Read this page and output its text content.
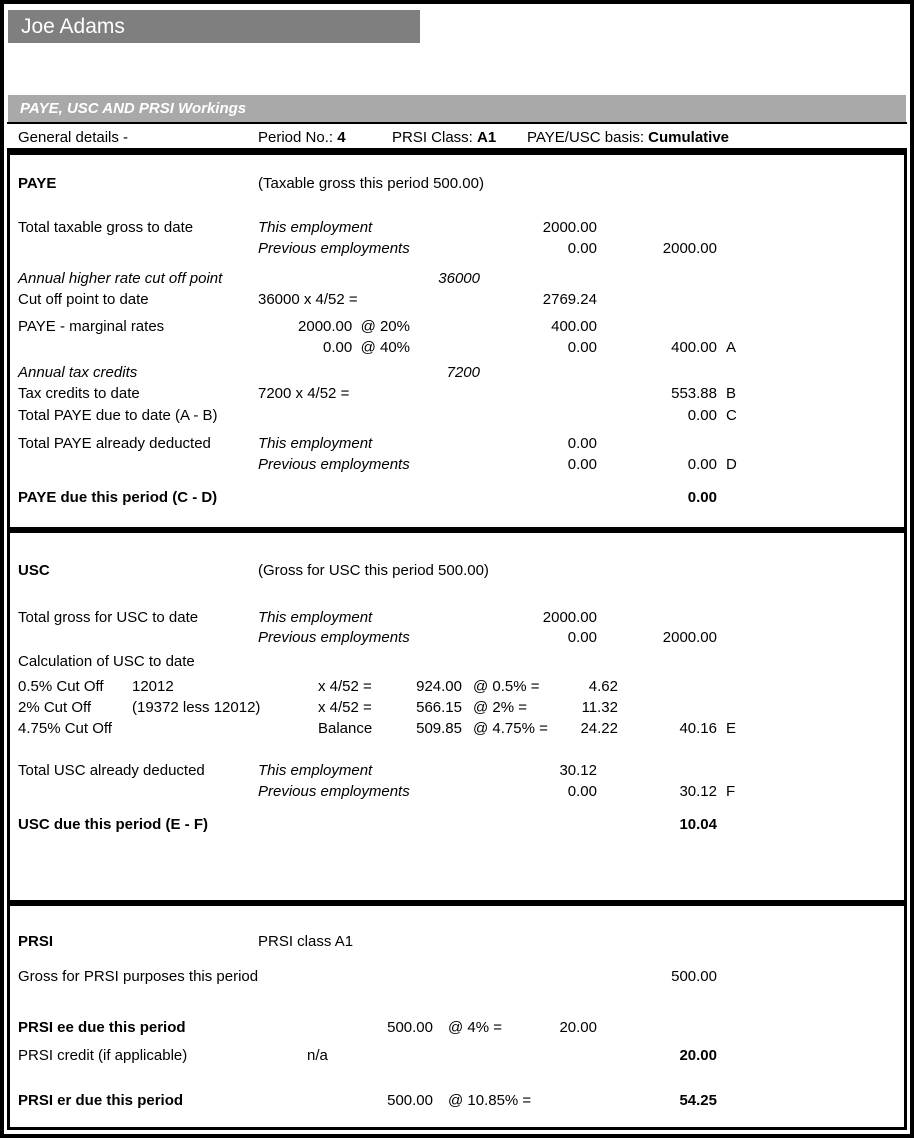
Joe Adams
PAYE, USC AND PRSI Workings
General details -	Period No.: 4	PRSI Class: A1 PAYE/USC basis: Cumulative
PAYE	(Taxable gross this period 500.00)
Total taxable gross to date	This employment	2000.00
Previous employments	0.00	2000.00
Annual higher rate cut off point	36000
Cut off point to date	36000 x 4/52 =	2769.24
PAYE - marginal rates	2000.00  @ 20%	400.00
0.00  @ 40%	0.00	400.00 A
Annual tax credits	7200
Tax credits to date	7200 x 4/52 =	553.88 B
Total PAYE due to date (A - B)	0.00 C
Total PAYE already deducted	This employment	0.00
Previous employments	0.00	0.00 D
PAYE due this period (C - D)	0.00
USC	(Gross for USC this period 500.00)
Total gross for USC to date	This employment	2000.00
Previous employments	0.00	2000.00
Calculation of USC to date
0.5% Cut Off 12012	x 4/52 =	924.00 @ 0.5% =	4.62
2% Cut Off	(19372 less 12012)	x 4/52 =	566.15 @ 2% =	11.32
4.75% Cut Off	Balance	509.85 @ 4.75% =	24.22	40.16 E
Total USC already deducted	This employment	30.12
Previous employments	0.00	30.12 F
USC due this period (E - F)	10.04
PRSI	PRSI class A1
Gross for PRSI purposes this period	500.00
PRSI ee due this period	500.00 @ 4% =	20.00
PRSI credit (if applicable)	n/a	20.00
PRSI er due this period	500.00 @ 10.85% =	54.25
